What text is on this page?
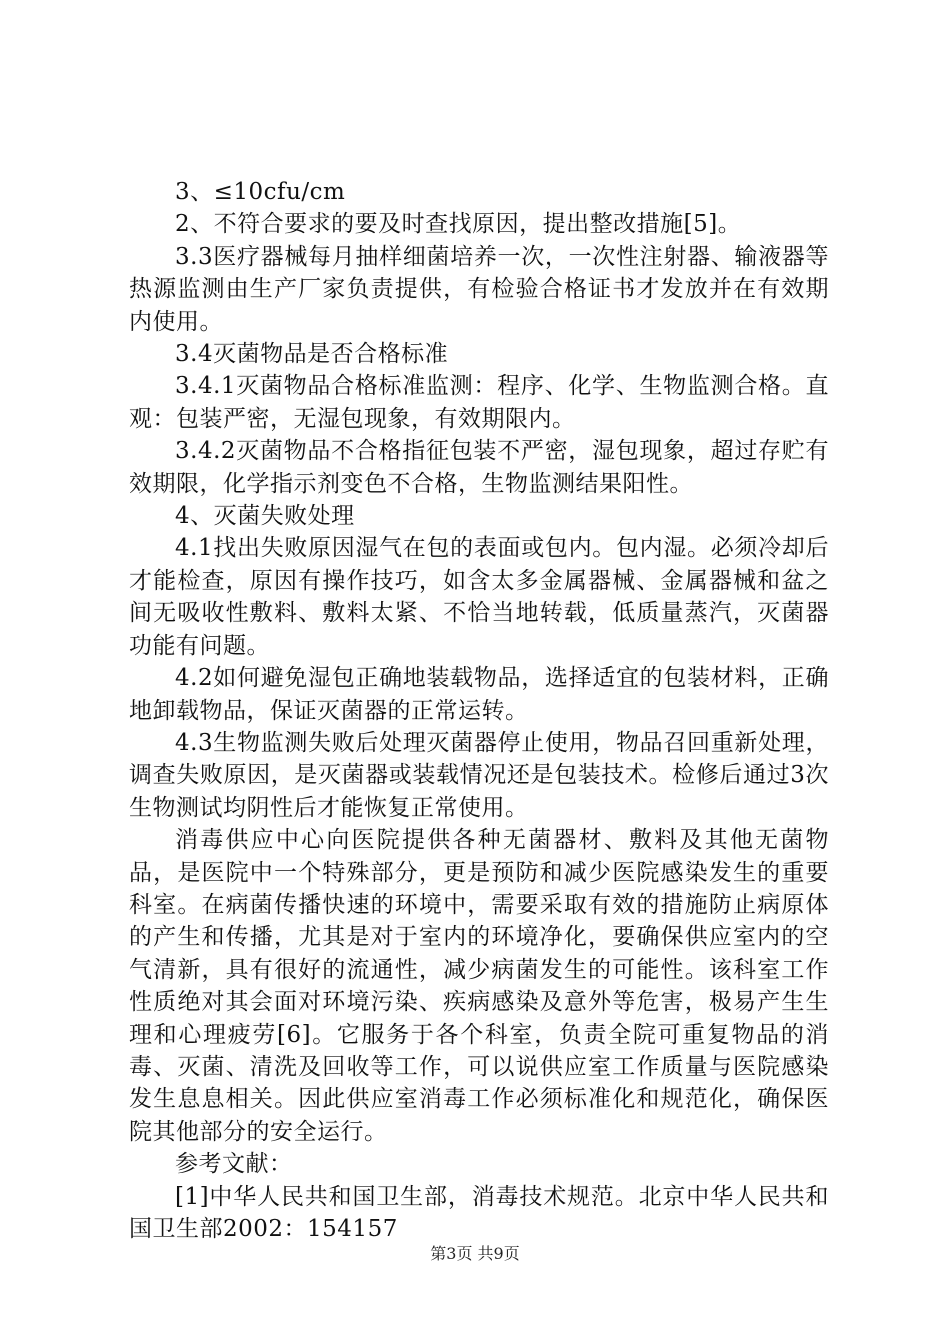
3、≤10cfu/cm

2、不符合要求的要及时查找原因，提出整改措施[5]。

3.3医疗器械每月抽样细菌培养一次，一次性注射器、输液器等热源监测由生产厂家负责提供，有检验合格证书才发放并在有效期内使用。

3.4灭菌物品是否合格标准

3.4.1灭菌物品合格标准监测：程序、化学、生物监测合格。直观：包装严密，无湿包现象，有效期限内。

3.4.2灭菌物品不合格指征包装不严密，湿包现象，超过存贮有效期限，化学指示剂变色不合格，生物监测结果阳性。

4、灭菌失败处理

4.1找出失败原因湿气在包的表面或包内。包内湿。必须冷却后才能检查，原因有操作技巧，如含太多金属器械、金属器械和盆之间无吸收性敷料、敷料太紧、不恰当地转载，低质量蒸汽，灭菌器功能有问题。

4.2如何避免湿包正确地装载物品，选择适宜的包装材料，正确地卸载物品，保证灭菌器的正常运转。

4.3生物监测失败后处理灭菌器停止使用，物品召回重新处理，调查失败原因，是灭菌器或装载情况还是包装技术。检修后通过3次生物测试均阴性后才能恢复正常使用。

消毒供应中心向医院提供各种无菌器材、敷料及其他无菌物品，是医院中一个特殊部分，更是预防和减少医院感染发生的重要科室。在病菌传播快速的环境中，需要采取有效的措施防止病原体的产生和传播，尤其是对于室内的环境净化，要确保供应室内的空气清新，具有很好的流通性，减少病菌发生的可能性。该科室工作性质绝对其会面对环境污染、疾病感染及意外等危害，极易产生生理和心理疲劳[6]。它服务于各个科室，负责全院可重复物品的消毒、灭菌、清洗及回收等工作，可以说供应室工作质量与医院感染发生息息相关。因此供应室消毒工作必须标准化和规范化，确保医院其他部分的安全运行。

参考文献：

[1]中华人民共和国卫生部，消毒技术规范。北京中华人民共和国卫生部2002：154157

第3页 共9页
